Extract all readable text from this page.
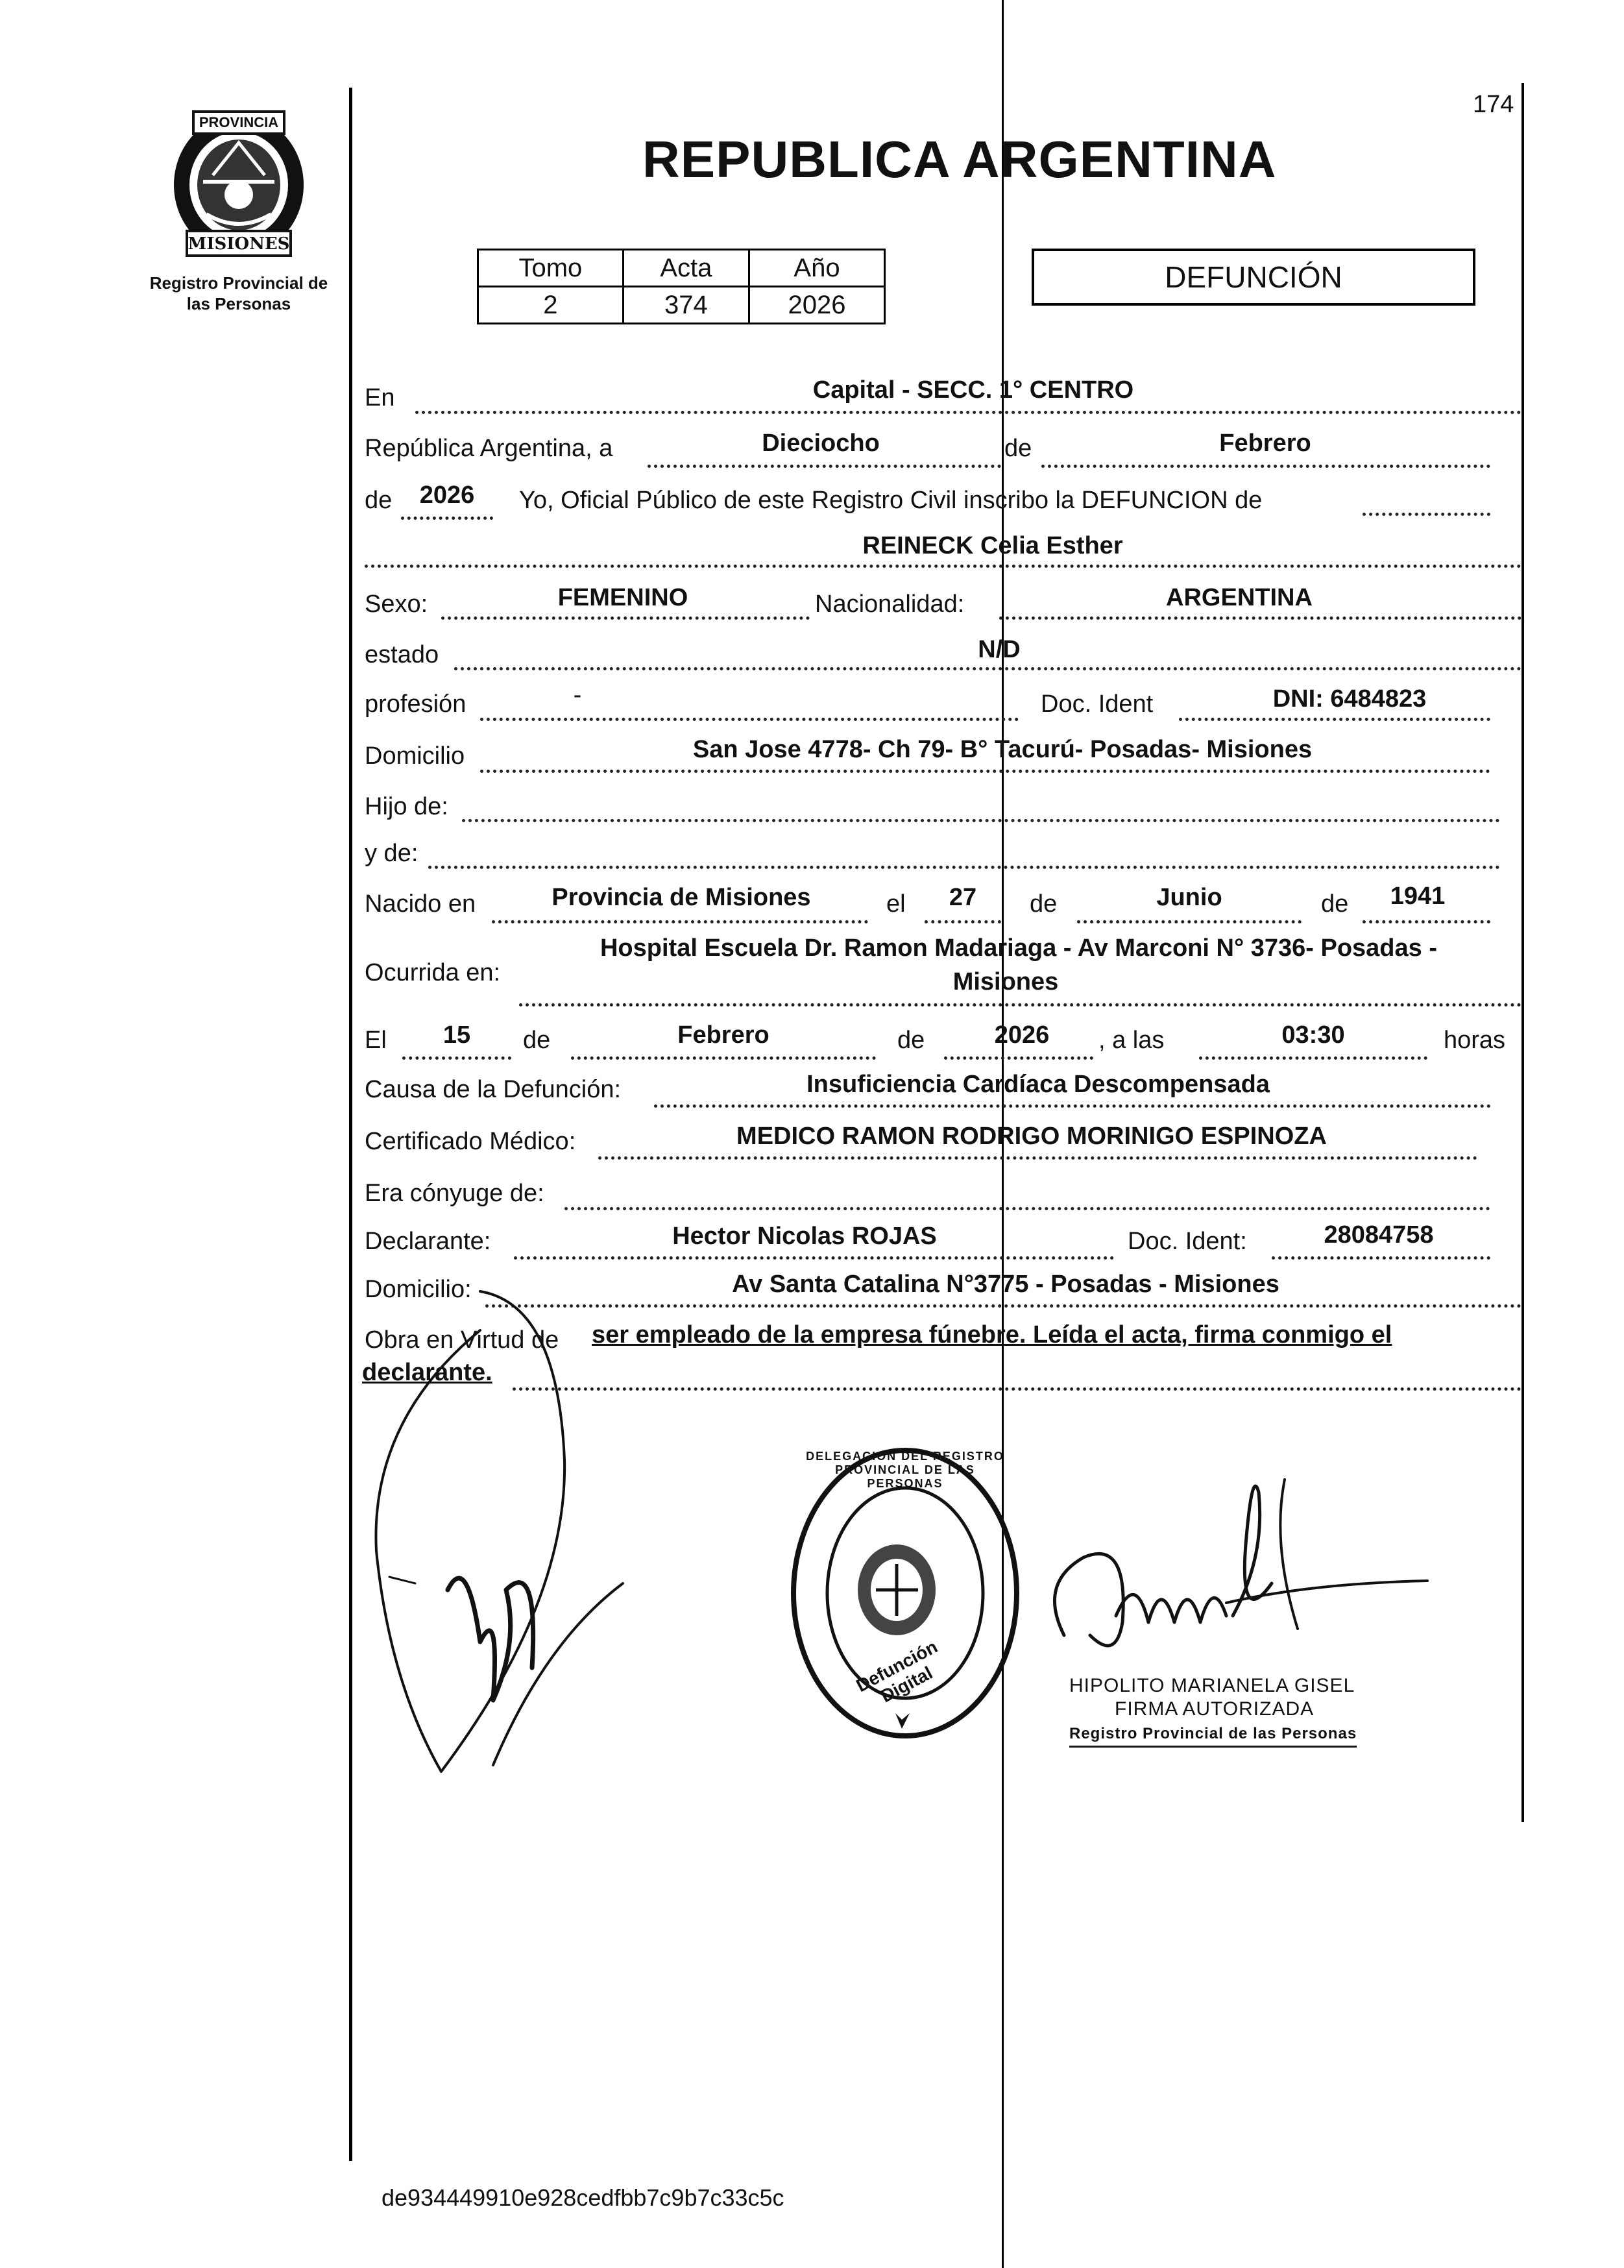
174
PROVINCIA
MISIONES
Registro Provincial de
las Personas
REPUBLICA ARGENTINA
Tomo	Acta	Año
2	374	2026
DEFUNCIÓN
En	Capital - SECC. 1° CENTRO
República Argentina, a	Dieciocho	de	Febrero
de	2026	Yo, Oficial Público de este Registro Civil inscribo la DEFUNCION de
REINECK Celia Esther
Sexo:	FEMENINO	Nacionalidad:	ARGENTINA
estado	N/D
profesión	-	Doc. Ident	DNI: 6484823
Domicilio	San Jose 4778- Ch 79- B° Tacurú- Posadas- Misiones
Hijo de:
y de:
Nacido en	Provincia de Misiones	el	27	de	Junio	de	1941
Ocurrida en:
Hospital Escuela Dr. Ramon Madariaga - Av Marconi N° 3736- Posadas -
Misiones
El	15	de	Febrero	de	2026	, a las	03:30	horas
Causa de la Defunción:	Insuficiencia Cardíaca Descompensada
Certificado Médico:	MEDICO RAMON RODRIGO MORINIGO ESPINOZA
Era cónyuge de:
Declarante:	Hector Nicolas ROJAS	Doc. Ident:	28084758
Domicilio:	Av Santa Catalina N°3775 - Posadas - Misiones
Obra en Virtud de ser empleado de la empresa fúnebre. Leída el acta, firma conmigo el
declarante.
DELEGACION DEL REGISTRO PROVINCIAL DE LAS PERSONAS
Defunción Digital	HIPOLITO MARIANELA GISEL
FIRMA AUTORIZADA
Registro Provincial de las Personas
de934449910e928cedfbb7c9b7c33c5c
